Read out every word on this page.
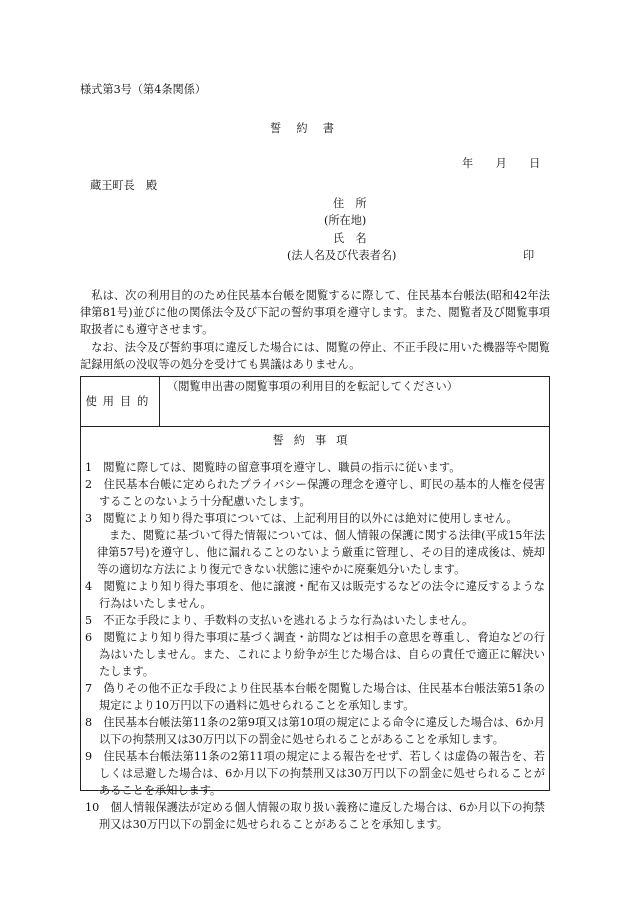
様式第3号（第4条関係）
誓　約　書
年　　月　　日
蔵王町長　殿
住　所
(所在地)
氏　名
(法人名及び代表者名)	印
　私は、次の利用目的のため住民基本台帳を閲覧するに際して、住民基本台帳法(昭和42年法律第81号)並びに他の関係法令及び下記の誓約事項を遵守します。また、閲覧者及び閲覧事項取扱者にも遵守させます。
　なお、法令及び誓約事項に違反した場合には、閲覧の停止、不正手段に用いた機器等や閲覧記録用紙の没収等の処分を受けても異議はありません。
使用目的
（閲覧申出書の閲覧事項の利用目的を転記してください）
誓約事項
1　閲覧に際しては、閲覧時の留意事項を遵守し、職員の指示に従います。
2　住民基本台帳に定められたプライバシー保護の理念を遵守し、町民の基本的人権を侵害することのないよう十分配慮いたします。
3　閲覧により知り得た事項については、上記利用目的以外には絶対に使用しません。
また、閲覧に基づいて得た情報については、個人情報の保護に関する法律(平成15年法律第57号)を遵守し、他に漏れることのないよう厳重に管理し、その目的達成後は、焼却等の適切な方法により復元できない状態に速やかに廃棄処分いたします。
4　閲覧により知り得た事項を、他に譲渡・配布又は販売するなどの法令に違反するような行為はいたしません。
5　不正な手段により、手数料の支払いを逃れるような行為はいたしません。
6　閲覧により知り得た事項に基づく調査・訪問などは相手の意思を尊重し、脅迫などの行為はいたしません。また、これにより紛争が生じた場合は、自らの責任で適正に解決いたします。
7　偽りその他不正な手段により住民基本台帳を閲覧した場合は、住民基本台帳法第51条の規定により10万円以下の過料に処せられることを承知します。
8　住民基本台帳法第11条の2第9項又は第10項の規定による命令に違反した場合は、6か月以下の拘禁刑又は30万円以下の罰金に処せられることがあることを承知します。
9　住民基本台帳法第11条の2第11項の規定による報告をせず、若しくは虚偽の報告を、若しくは忌避した場合は、6か月以下の拘禁刑又は30万円以下の罰金に処せられることがあることを承知します。
10　個人情報保護法が定める個人情報の取り扱い義務に違反した場合は、6か月以下の拘禁刑又は30万円以下の罰金に処せられることがあることを承知します。
